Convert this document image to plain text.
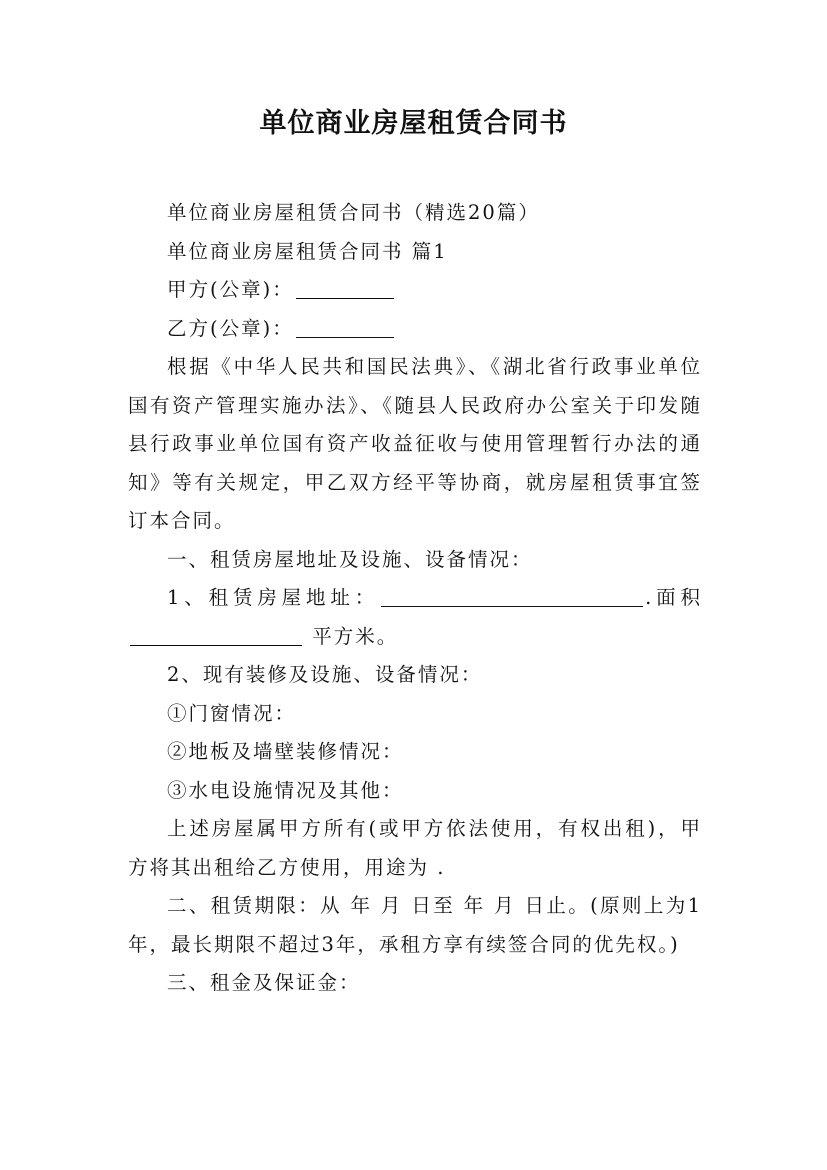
单位商业房屋租赁合同书

单位商业房屋租赁合同书（精选20篇）

单位商业房屋租赁合同书 篇1

甲方(公章)：

乙方(公章)：

根据《中华人民共和国民法典》、《湖北省行政事业单位国有资产管理实施办法》、《随县人民政府办公室关于印发随县行政事业单位国有资产收益征收与使用管理暂行办法的通知》等有关规定，甲乙双方经平等协商，就房屋租赁事宜签订本合同。

一、租赁房屋地址及设施、设备情况：

1、租赁房屋地址：	.面积 平方米。

2、现有装修及设施、设备情况：

①门窗情况：

②地板及墙壁装修情况：

③水电设施情况及其他：

上述房屋属甲方所有(或甲方依法使用，有权出租)，甲方将其出租给乙方使用，用途为 .

二、租赁期限：从 年 月 日至 年 月 日止。(原则上为1年，最长期限不超过3年，承租方享有续签合同的优先权。)

三、租金及保证金：
